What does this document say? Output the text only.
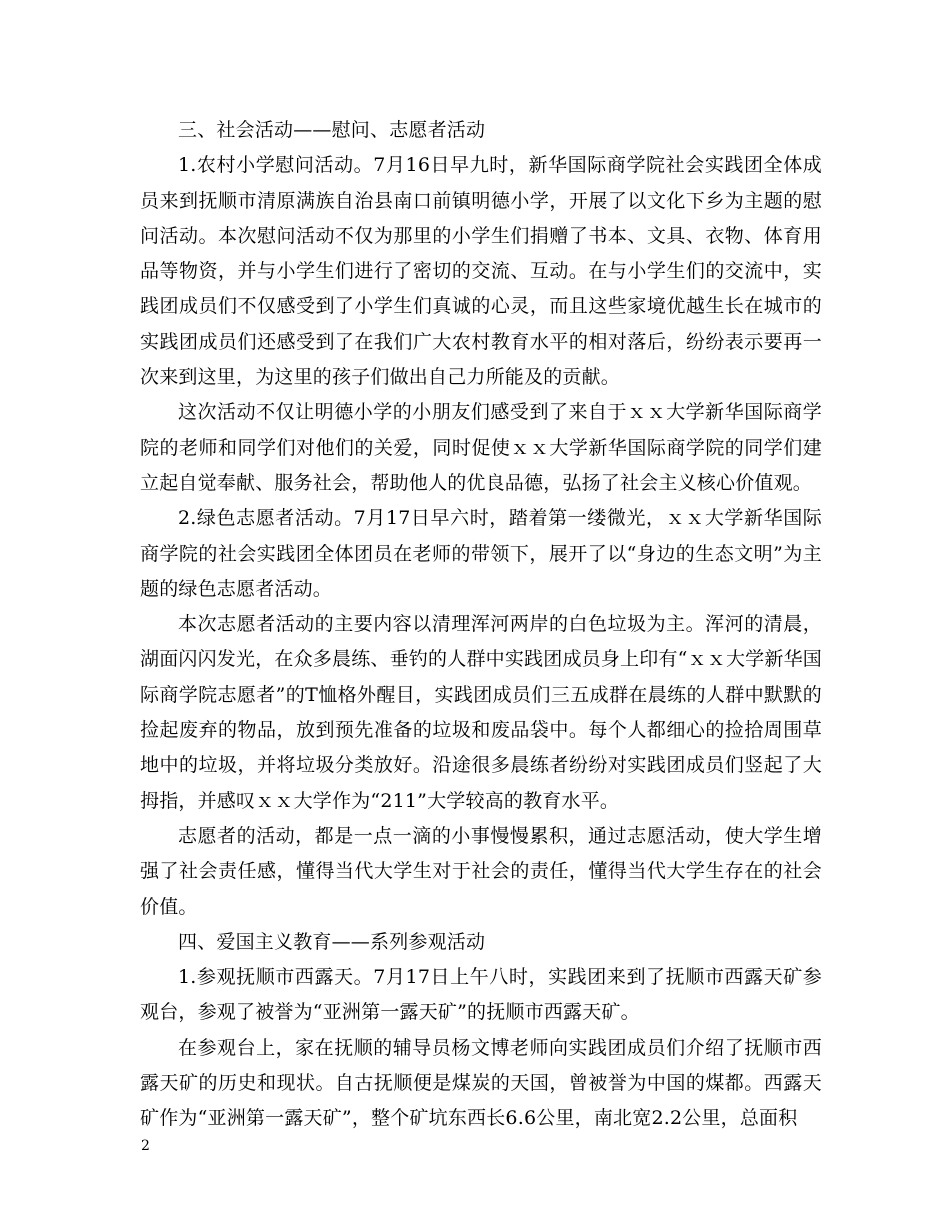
三、社会活动——慰问、志愿者活动

1.农村小学慰问活动。7月16日早九时，新华国际商学院社会实践团全体成员来到抚顺市清原满族自治县南口前镇明德小学，开展了以文化下乡为主题的慰问活动。本次慰问活动不仅为那里的小学生们捐赠了书本、文具、衣物、体育用品等物资，并与小学生们进行了密切的交流、互动。在与小学生们的交流中，实践团成员们不仅感受到了小学生们真诚的心灵，而且这些家境优越生长在城市的实践团成员们还感受到了在我们广大农村教育水平的相对落后，纷纷表示要再一次来到这里，为这里的孩子们做出自己力所能及的贡献。

这次活动不仅让明德小学的小朋友们感受到了来自于ｘｘ大学新华国际商学院的老师和同学们对他们的关爱，同时促使ｘｘ大学新华国际商学院的同学们建立起自觉奉献、服务社会，帮助他人的优良品德，弘扬了社会主义核心价值观。

2.绿色志愿者活动。7月17日早六时，踏着第一缕微光，ｘｘ大学新华国际商学院的社会实践团全体团员在老师的带领下，展开了以“身边的生态文明”为主题的绿色志愿者活动。

本次志愿者活动的主要内容以清理浑河两岸的白色垃圾为主。浑河的清晨，湖面闪闪发光，在众多晨练、垂钓的人群中实践团成员身上印有“ｘｘ大学新华国际商学院志愿者”的T恤格外醒目，实践团成员们三五成群在晨练的人群中默默的捡起废弃的物品，放到预先准备的垃圾和废品袋中。每个人都细心的捡拾周围草地中的垃圾，并将垃圾分类放好。沿途很多晨练者纷纷对实践团成员们竖起了大拇指，并感叹ｘｘ大学作为“211”大学较高的教育水平。

志愿者的活动，都是一点一滴的小事慢慢累积，通过志愿活动，使大学生增强了社会责任感，懂得当代大学生对于社会的责任，懂得当代大学生存在的社会价值。

四、爱国主义教育——系列参观活动

1.参观抚顺市西露天。7月17日上午八时，实践团来到了抚顺市西露天矿参观台，参观了被誉为“亚洲第一露天矿”的抚顺市西露天矿。

在参观台上，家在抚顺的辅导员杨文博老师向实践团成员们介绍了抚顺市西露天矿的历史和现状。自古抚顺便是煤炭的天国，曾被誉为中国的煤都。西露天矿作为“亚洲第一露天矿”，整个矿坑东西长6.6公里，南北宽2.2公里，总面积

2
